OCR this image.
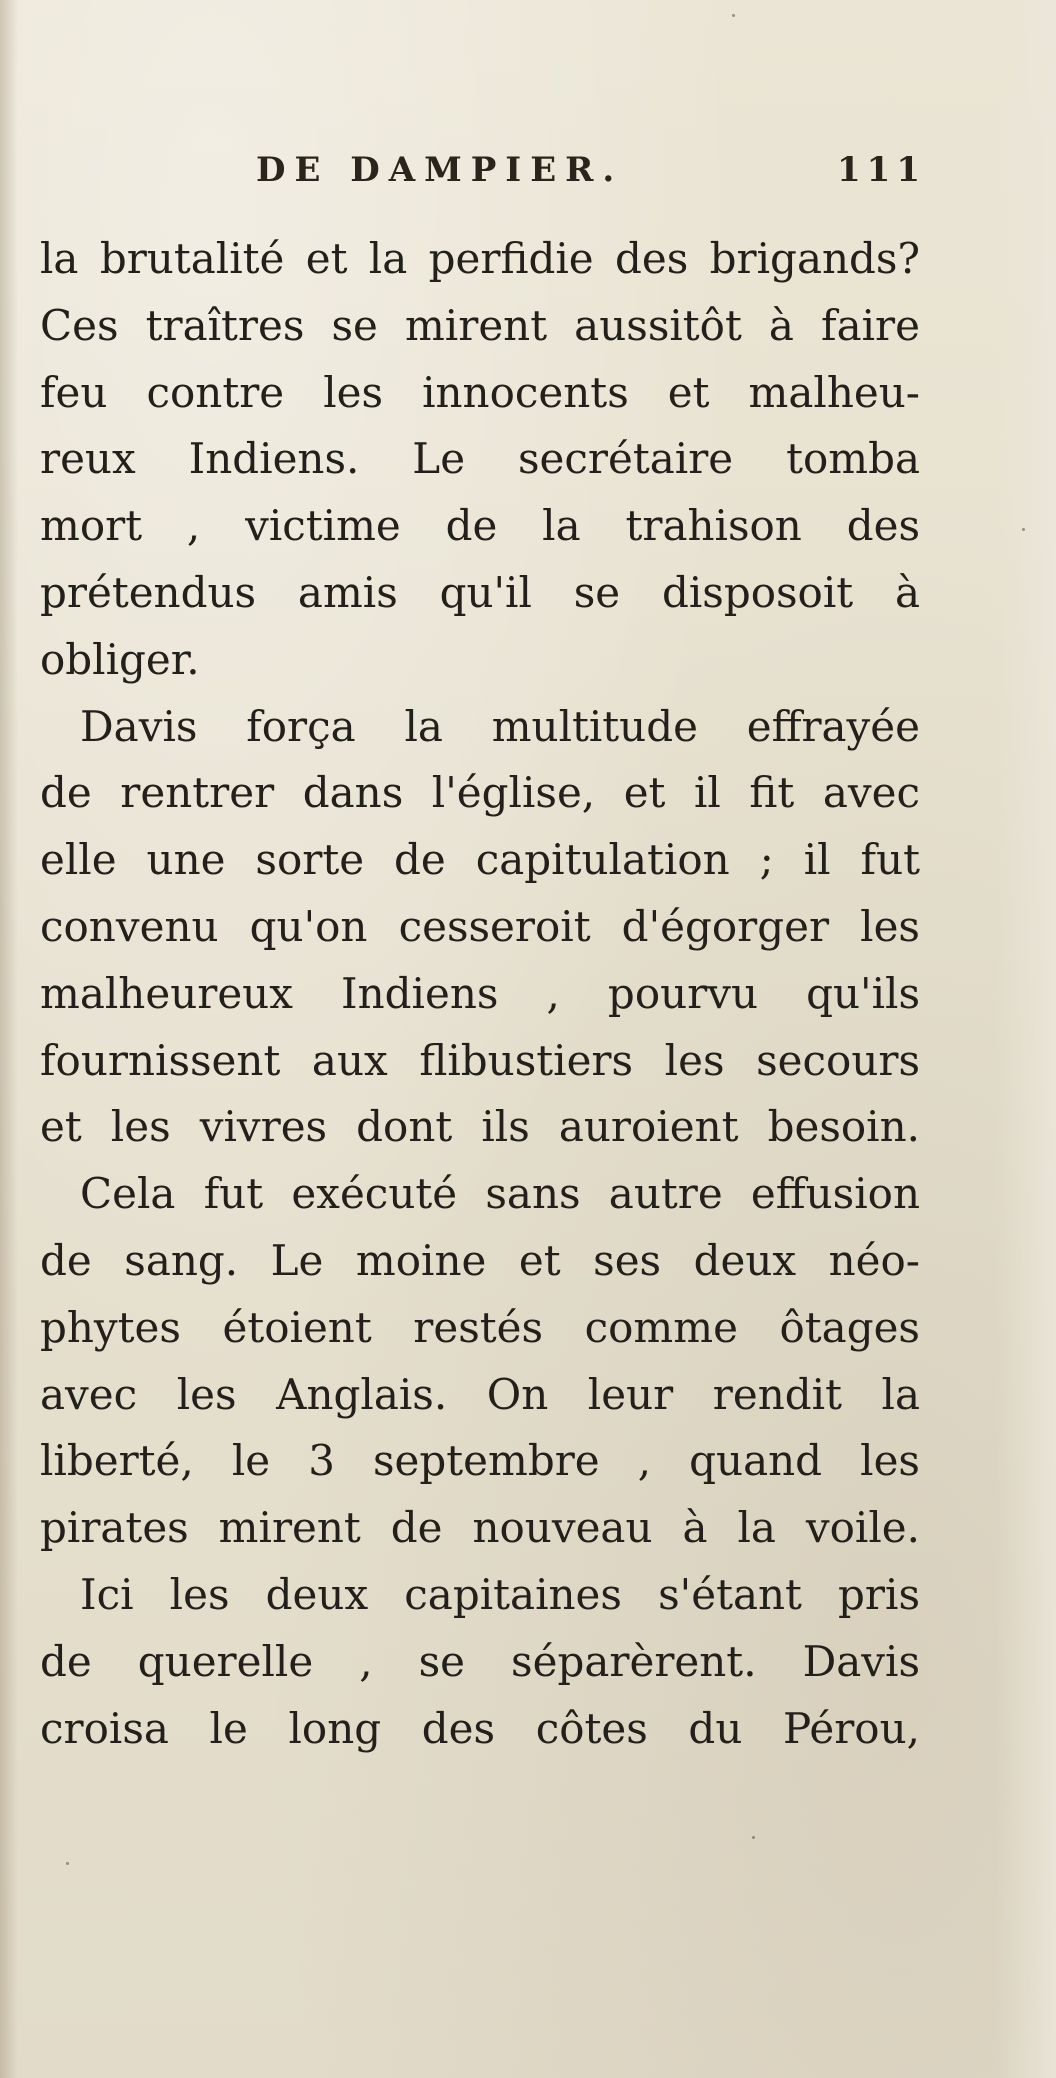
DE DAMPIER.	111
la brutalité et la perfidie des brigands?
Ces traîtres se mirent aussitôt à faire
feu contre les innocents et malheu-
reux Indiens. Le secrétaire tomba
mort , victime de la trahison des
prétendus amis qu'il se disposoit à
obliger.
Davis força la multitude effrayée
de rentrer dans l'église, et il fit avec
elle une sorte de capitulation ; il fut
convenu qu'on cesseroit d'égorger les
malheureux Indiens , pourvu qu'ils
fournissent aux flibustiers les secours
et les vivres dont ils auroient besoin.
Cela fut exécuté sans autre effusion
de sang. Le moine et ses deux néo-
phytes étoient restés comme ôtages
avec les Anglais. On leur rendit la
liberté, le 3 septembre , quand les
pirates mirent de nouveau à la voile.
Ici les deux capitaines s'étant pris
de querelle , se séparèrent. Davis
croisa le long des côtes du Pérou,
